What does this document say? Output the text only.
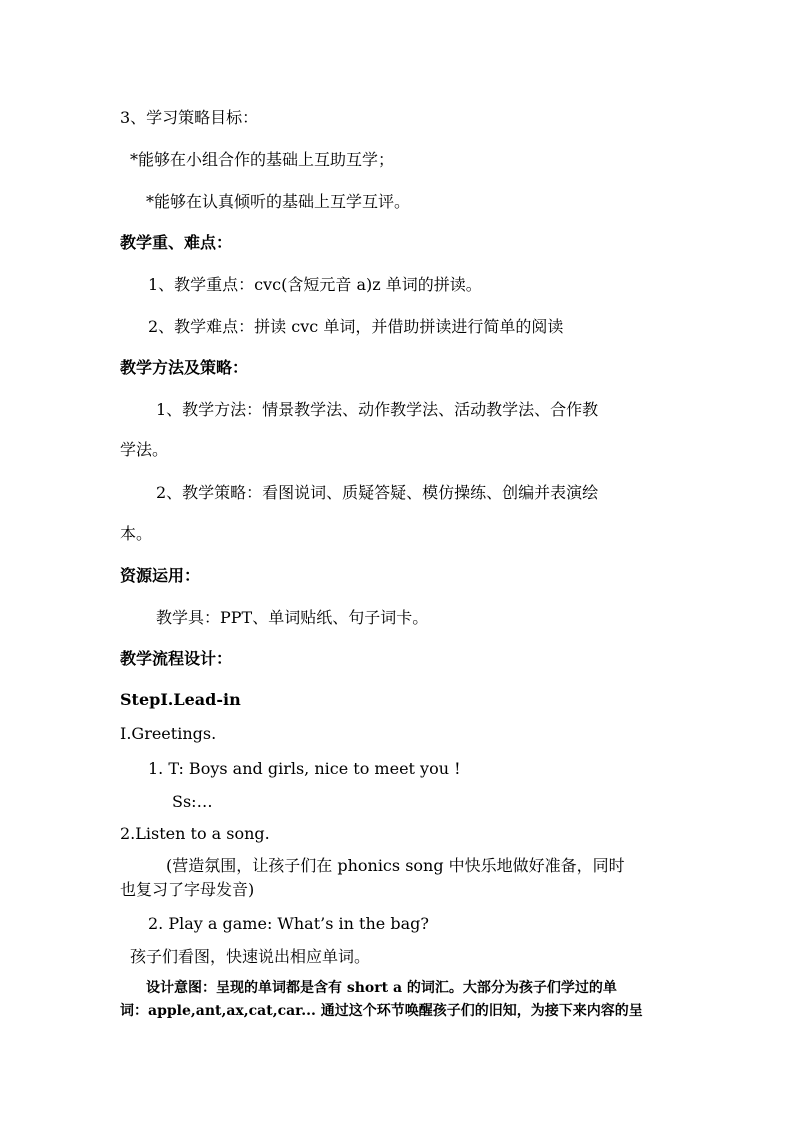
3、学习策略目标：
*能够在小组合作的基础上互助互学；
*能够在认真倾听的基础上互学互评。
教学重、难点：
1、教学重点：cvc(含短元音 a)z 单词的拼读。
2、教学难点：拼读 cvc 单词，并借助拼读进行简单的阅读
教学方法及策略：
1、教学方法：情景教学法、动作教学法、活动教学法、合作教
学法。
2、教学策略：看图说词、质疑答疑、模仿操练、创编并表演绘
本。
资源运用：
教学具：PPT、单词贴纸、句子词卡。
教学流程设计：
StepⅠ.Lead-in
Ⅰ.Greetings.
1. T: Boys and girls, nice to meet you !
Ss:…
2.Listen to a song.
(营造氛围，让孩子们在 phonics song 中快乐地做好准备，同时
也复习了字母发音)
2. Play a game: What’s in the bag?
孩子们看图，快速说出相应单词。
设计意图：呈现的单词都是含有 short a 的词汇。大部分为孩子们学过的单
词：apple,ant,ax,cat,car... 通过这个环节唤醒孩子们的旧知，为接下来内容的呈
